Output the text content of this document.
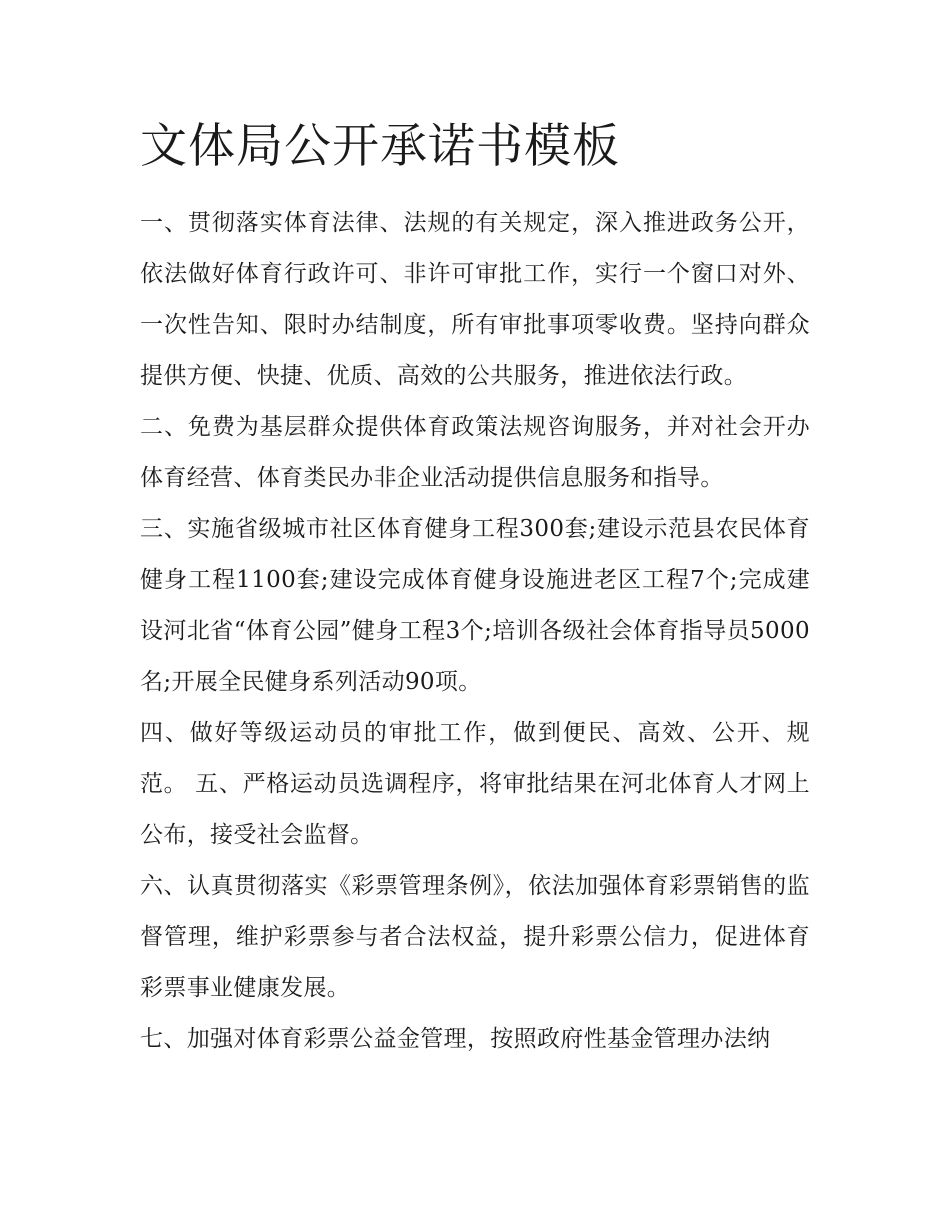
文体局公开承诺书模板

一、贯彻落实体育法律、法规的有关规定，深入推进政务公开，依法做好体育行政许可、非许可审批工作，实行一个窗口对外、一次性告知、限时办结制度，所有审批事项零收费。坚持向群众提供方便、快捷、优质、高效的公共服务，推进依法行政。

二、免费为基层群众提供体育政策法规咨询服务，并对社会开办体育经营、体育类民办非企业活动提供信息服务和指导。

三、实施省级城市社区体育健身工程300套;建设示范县农民体育健身工程1100套;建设完成体育健身设施进老区工程7个;完成建设河北省“体育公园”健身工程3个;培训各级社会体育指导员5000名;开展全民健身系列活动90项。

四、做好等级运动员的审批工作，做到便民、高效、公开、规范。 五、严格运动员选调程序，将审批结果在河北体育人才网上公布，接受社会监督。

六、认真贯彻落实《彩票管理条例》，依法加强体育彩票销售的监督管理，维护彩票参与者合法权益，提升彩票公信力，促进体育彩票事业健康发展。

七、加强对体育彩票公益金管理，按照政府性基金管理办法纳
